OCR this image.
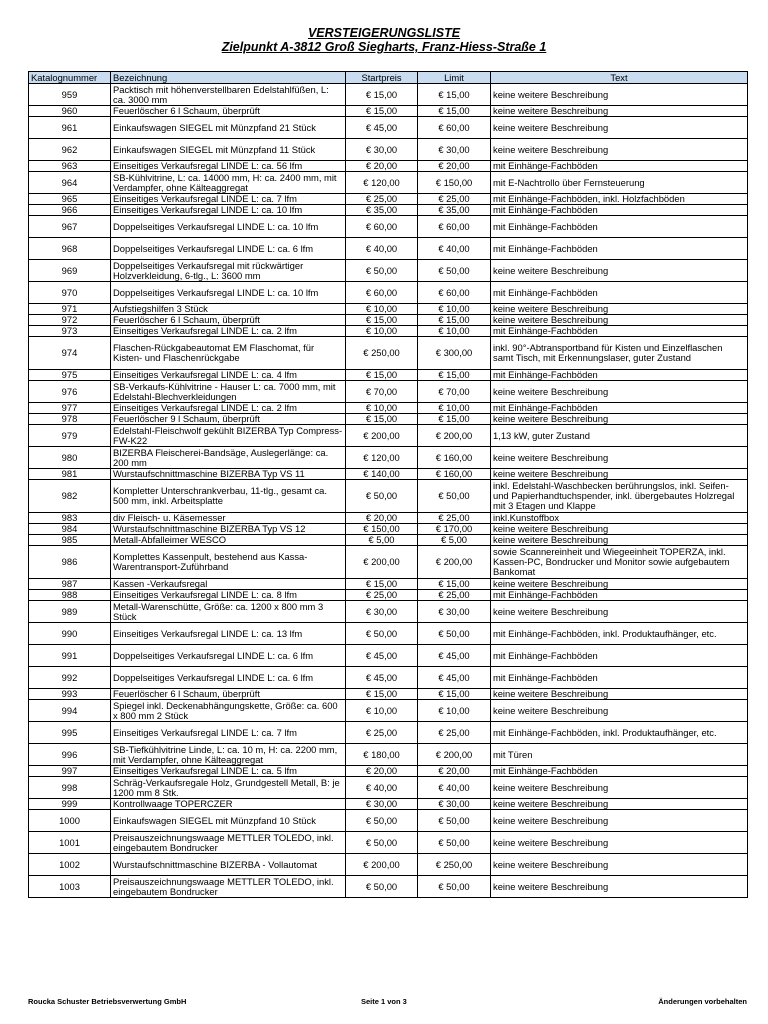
VERSTEIGERUNGSLISTE
Zielpunkt A-3812 Groß Siegharts, Franz-Hiess-Straße 1
Katalognummer	Bezeichnung	Startpreis	Limit	Text
959	Packtisch mit höhenverstellbaren Edelstahlfüßen, L: ca. 3000 mm	€ 15,00	€ 15,00	keine weitere Beschreibung
960	Feuerlöscher 6 l Schaum, überprüft	€ 15,00	€ 15,00	keine weitere Beschreibung
961	Einkaufswagen SIEGEL mit Münzpfand 21 Stück	€ 45,00	€ 60,00	keine weitere Beschreibung
962	Einkaufswagen SIEGEL mit Münzpfand 11 Stück	€ 30,00	€ 30,00	keine weitere Beschreibung
963	Einseitiges Verkaufsregal LINDE L: ca. 56 lfm	€ 20,00	€ 20,00	mit Einhänge-Fachböden
964	SB-Kühlvitrine, L: ca. 14000 mm, H: ca. 2400 mm, mit Verdampfer, ohne Kälteaggregat	€ 120,00	€ 150,00	mit E-Nachtrollo über Fernsteuerung
965	Einseitiges Verkaufsregal LINDE L: ca. 7 lfm	€ 25,00	€ 25,00	mit Einhänge-Fachböden, inkl. Holzfachböden
966	Einseitiges Verkaufsregal LINDE L: ca. 10 lfm	€ 35,00	€ 35,00	mit Einhänge-Fachböden
967	Doppelseitiges Verkaufsregal LINDE L: ca. 10 lfm	€ 60,00	€ 60,00	mit Einhänge-Fachböden
968	Doppelseitiges Verkaufsregal LINDE L: ca. 6 lfm	€ 40,00	€ 40,00	mit Einhänge-Fachböden
969	Doppelseitiges Verkaufsregal mit rückwärtiger Holzverkleidung, 6-tlg., L: 3600 mm	€ 50,00	€ 50,00	keine weitere Beschreibung
970	Doppelseitiges Verkaufsregal LINDE L: ca. 10 lfm	€ 60,00	€ 60,00	mit Einhänge-Fachböden
971	Aufstiegshilfen 3 Stück	€ 10,00	€ 10,00	keine weitere Beschreibung
972	Feuerlöscher 6 l Schaum, überprüft	€ 15,00	€ 15,00	keine weitere Beschreibung
973	Einseitiges Verkaufsregal LINDE L: ca. 2 lfm	€ 10,00	€ 10,00	mit Einhänge-Fachböden
974	Flaschen-Rückgabeautomat EM Flaschomat, für Kisten- und Flaschenrückgabe	€ 250,00	€ 300,00	inkl. 90°-Abtransportband für Kisten und Einzelflaschen samt Tisch, mit Erkennungslaser, guter Zustand
975	Einseitiges Verkaufsregal LINDE L: ca. 4 lfm	€ 15,00	€ 15,00	mit Einhänge-Fachböden
976	SB-Verkaufs-Kühlvitrine - Hauser L: ca. 7000 mm, mit Edelstahl-Blechverkleidungen	€ 70,00	€ 70,00	keine weitere Beschreibung
977	Einseitiges Verkaufsregal LINDE L: ca. 2 lfm	€ 10,00	€ 10,00	mit Einhänge-Fachböden
978	Feuerlöscher 9 l Schaum, überprüft	€ 15,00	€ 15,00	keine weitere Beschreibung
979	Edelstahl-Fleischwolf gekühlt BIZERBA Typ Compress-FW-K22	€ 200,00	€ 200,00	1,13 kW, guter Zustand
980	BIZERBA Fleischerei-Bandsäge, Auslegerlänge: ca. 200 mm	€ 120,00	€ 160,00	keine weitere Beschreibung
981	Wurstaufschnittmaschine BIZERBA Typ VS 11	€ 140,00	€ 160,00	keine weitere Beschreibung
982	Kompletter Unterschrankverbau, 11-tlg., gesamt ca. 500 mm, inkl. Arbeitsplatte	€ 50,00	€ 50,00	inkl. Edelstahl-Waschbecken berührungslos, inkl. Seifen- und Papierhandtuchspender, inkl. übergebautes Holzregal mit 3 Etagen und Klappe
983	div Fleisch- u. Käsemesser	€ 20,00	€ 25,00	inkl.Kunstoffbox
984	Wurstaufschnittmaschine BIZERBA Typ VS 12	€ 150,00	€ 170,00	keine weitere Beschreibung
985	Metall-Abfalleimer WESCO	€ 5,00	€ 5,00	keine weitere Beschreibung
986	Komplettes Kassenpult, bestehend aus Kassa-Warentransport-Zuführband	€ 200,00	€ 200,00	sowie Scannereinheit und Wiegeeinheit TOPERZA, inkl. Kassen-PC, Bondrucker und Monitor sowie aufgebautem Bankomat
987	Kassen -Verkaufsregal	€ 15,00	€ 15,00	keine weitere Beschreibung
988	Einseitiges Verkaufsregal LINDE L: ca. 8 lfm	€ 25,00	€ 25,00	mit Einhänge-Fachböden
989	Metall-Warenschütte, Größe: ca. 1200 x 800 mm 3 Stück	€ 30,00	€ 30,00	keine weitere Beschreibung
990	Einseitiges Verkaufsregal LINDE L: ca. 13 lfm	€ 50,00	€ 50,00	mit Einhänge-Fachböden, inkl. Produktaufhänger, etc.
991	Doppelseitiges Verkaufsregal LINDE L: ca. 6 lfm	€ 45,00	€ 45,00	mit Einhänge-Fachböden
992	Doppelseitiges Verkaufsregal LINDE L: ca. 6 lfm	€ 45,00	€ 45,00	mit Einhänge-Fachböden
993	Feuerlöscher 6 l Schaum, überprüft	€ 15,00	€ 15,00	keine weitere Beschreibung
994	Spiegel inkl. Deckenabhängungskette, Größe: ca. 600 x 800 mm 2 Stück	€ 10,00	€ 10,00	keine weitere Beschreibung
995	Einseitiges Verkaufsregal LINDE L: ca. 7 lfm	€ 25,00	€ 25,00	mit Einhänge-Fachböden, inkl. Produktaufhänger, etc.
996	SB-Tiefkühlvitrine Linde, L: ca. 10 m, H: ca. 2200 mm, mit Verdampfer, ohne Kälteaggregat	€ 180,00	€ 200,00	mit Türen
997	Einseitiges Verkaufsregal LINDE L: ca. 5 lfm	€ 20,00	€ 20,00	mit Einhänge-Fachböden
998	Schräg-Verkaufsregale Holz, Grundgestell Metall, B: je 1200 mm 8 Stk.	€ 40,00	€ 40,00	keine weitere Beschreibung
999	Kontrollwaage TOPERCZER	€ 30,00	€ 30,00	keine weitere Beschreibung
1000	Einkaufswagen SIEGEL mit Münzpfand 10 Stück	€ 50,00	€ 50,00	keine weitere Beschreibung
1001	Preisauszeichnungswaage METTLER TOLEDO, inkl. eingebautem Bondrucker	€ 50,00	€ 50,00	keine weitere Beschreibung
1002	Wurstaufschnittmaschine BIZERBA - Vollautomat	€ 200,00	€ 250,00	keine weitere Beschreibung
1003	Preisauszeichnungswaage METTLER TOLEDO, inkl. eingebautem Bondrucker	€ 50,00	€ 50,00	keine weitere Beschreibung
Roucka Schuster Betriebsverwertung GmbH	Seite 1 von 3	Änderungen vorbehalten
